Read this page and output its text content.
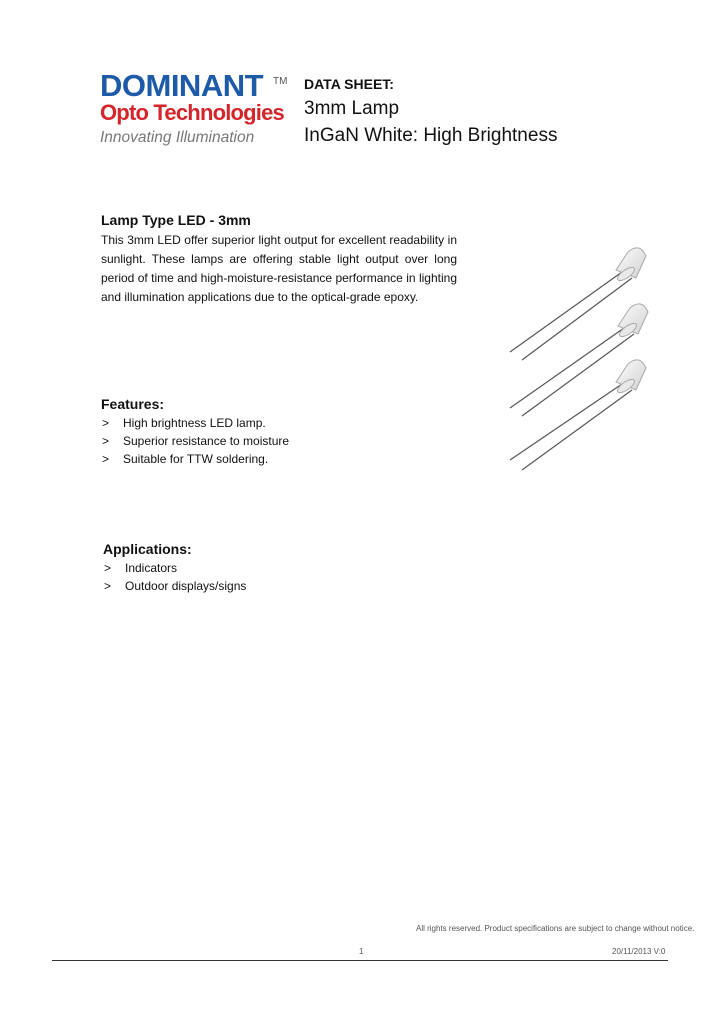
DOMINANT TM
Opto Technologies
Innovating Illumination
DATA SHEET:
3mm Lamp
InGaN White: High Brightness
Lamp Type LED - 3mm

This 3mm LED offer superior light output for excellent readability in sunlight. These lamps are offering stable light output over long period of time and high-moisture-resistance performance in lighting and illumination applications due to the optical-grade epoxy.

Features:
> High brightness LED lamp.
> Superior resistance to moisture
> Suitable for TTW soldering.
Applications:
> Indicators
> Outdoor displays/signs
All rights reserved. Product specifications are subject to change without notice.
1	20/11/2013 V:0
